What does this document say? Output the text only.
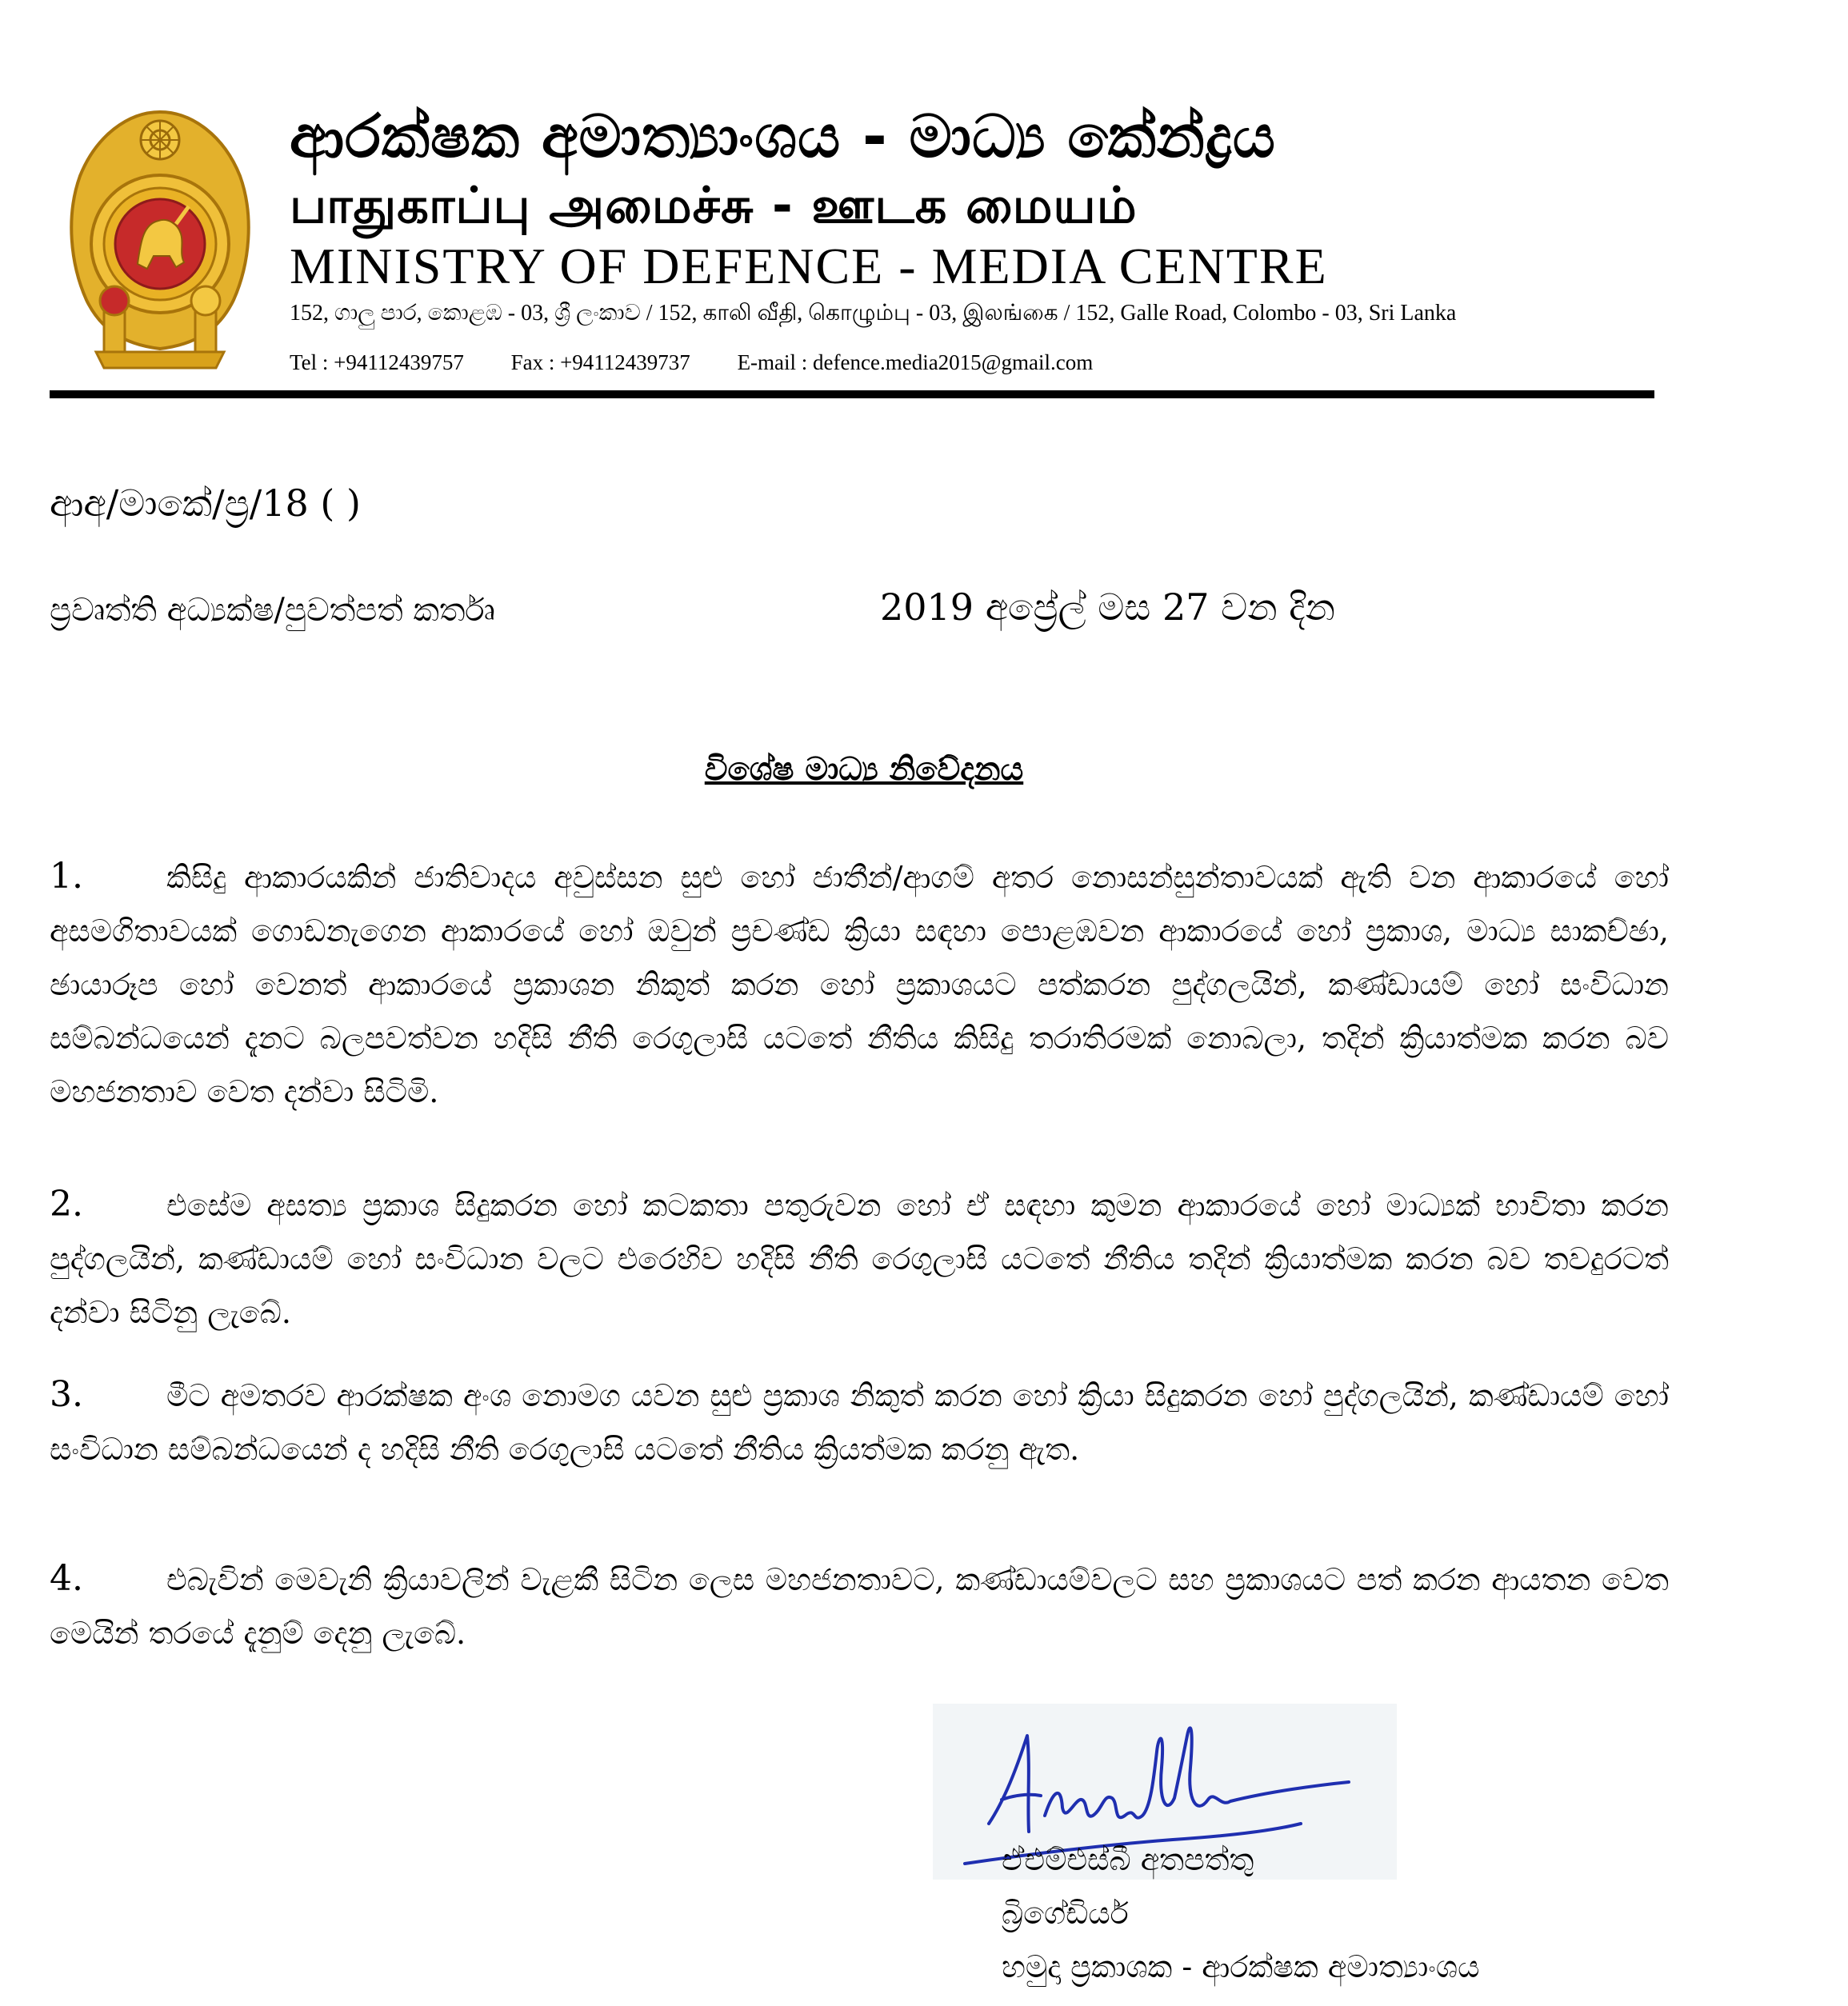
ආරක්ෂක අමාත්‍යාංශය - මාධ්‍ය කේන්ද්‍රය
பாதுகாப்பு அமைச்சு - ஊடக மையம்
MINISTRY OF DEFENCE - MEDIA CENTRE
152, ගාලු පාර, කොළඹ - 03, ශ්‍රී ලංකාව / 152, காலி வீதி, கொழும்பு - 03, இலங்கை / 152, Galle Road, Colombo - 03, Sri Lanka
Tel : +94112439757 Fax : +94112439737 E-mail : defence.media2015@gmail.com
ආඅ/මාකේ/ප්‍ර/18 ( )
ප්‍රවෘත්ති අධ්‍යක්ෂ/පුවත්පත් කර්තෘ	2019 අප්‍රේල් මස 27 වන දින
විශේෂ මාධ්‍ය නිවේදනය
1.	කිසිදු ආකාරයකින් ජාතිවාදය අවුස්සන සුළු හෝ ජාතීන්/ආගම් අතර නොසන්සුන්තාවයක් ඇති වන ආකාරයේ හෝ අසමගිතාවයක් ගොඩනැගෙන ආකාරයේ හෝ ඔවුන් ප්‍රචණ්ඩ ක්‍රියා සඳහා පොළඹවන ආකාරයේ හෝ ප්‍රකාශ, මාධ්‍ය සාකච්ඡා, ඡායාරූප හෝ වෙනත් ආකාරයේ ප්‍රකාශන නිකුත් කරන හෝ ප්‍රකාශයට පත්කරන පුද්ගලයින්, කණ්ඩායම් හෝ සංවිධාන සම්බන්ධයෙන් දැනට බලපවත්වන හදිසි නීති රෙගුලාසි යටතේ නීතිය කිසිදු තරාතිරමක් නොබලා, තදින් ක්‍රියාත්මක කරන බව මහජනතාව වෙත දන්වා සිටිමි.
2.	එසේම අසත්‍ය ප්‍රකාශ සිදුකරන හෝ කටකතා පතුරුවන හෝ ඒ සඳහා කුමන ආකාරයේ හෝ මාධ්‍යක් භාවිතා කරන පුද්ගලයින්, කණ්ඩායම් හෝ සංවිධාන වලට එරෙහිව හදිසි නීති රෙගුලාසි යටතේ නීතිය තදින් ක්‍රියාත්මක කරන බව තවදුරටත් දන්වා සිටිනු ලැබේ.
3.	මීට අමතරව ආරක්ෂක අංශ නොමග යවන සුළු ප්‍රකාශ නිකුත් කරන හෝ ක්‍රියා සිදුකරන හෝ පුද්ගලයින්, කණ්ඩායම් හෝ සංවිධාන සම්බන්ධයෙන් ද හදිසි නීති රෙගුලාසි යටතේ නීතිය ක්‍රියත්මක කරනු ඇත.
4.	එබැවින් මෙවැනි ක්‍රියාවලින් වැළකී සිටින ලෙස මහජනතාවට, කණ්ඩායම්වලට සහ ප්‍රකාශයට පත් කරන ආයතන වෙත මෙයින් තරයේ දැනුම් දෙනු ලැබේ.
ඒඑම්එස්බී අතපත්තු
බ්‍රිගේඩියර්
හමුදා ප්‍රකාශක - ආරක්ෂක අමාත්‍යාංශය
